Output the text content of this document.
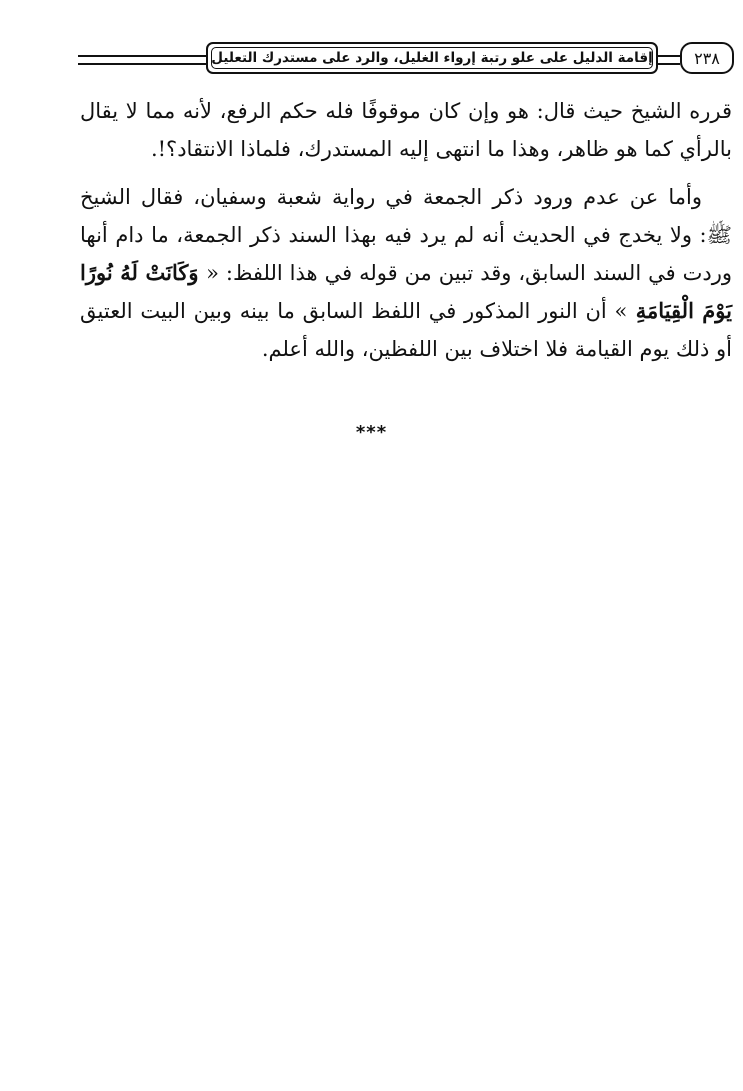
إقامة الدليل على علو رتبة إرواء الغليل، والرد على مستدرك التعليل	٢٣٨

قرره الشيخ حيث قال: هو وإن كان موقوفًا فله حكم الرفع، لأنه مما لا يقال بالرأي كما هو ظاهر، وهذا ما انتهى إليه المستدرك، فلماذا الانتقاد؟!.

وأما عن عدم ورود ذكر الجمعة في رواية شعبة وسفيان، فقال الشيخ ﷺ: ولا يخدج في الحديث أنه لم يرد فيه بهذا السند ذكر الجمعة، ما دام أنها وردت في السند السابق، وقد تبين من قوله في هذا اللفظ: « وَكَانَتْ لَهُ نُورًا يَوْمَ الْقِيَامَةِ » أن النور المذكور في اللفظ السابق ما بينه وبين البيت العتيق أو ذلك يوم القيامة فلا اختلاف بين اللفظين، والله أعلم.

***
